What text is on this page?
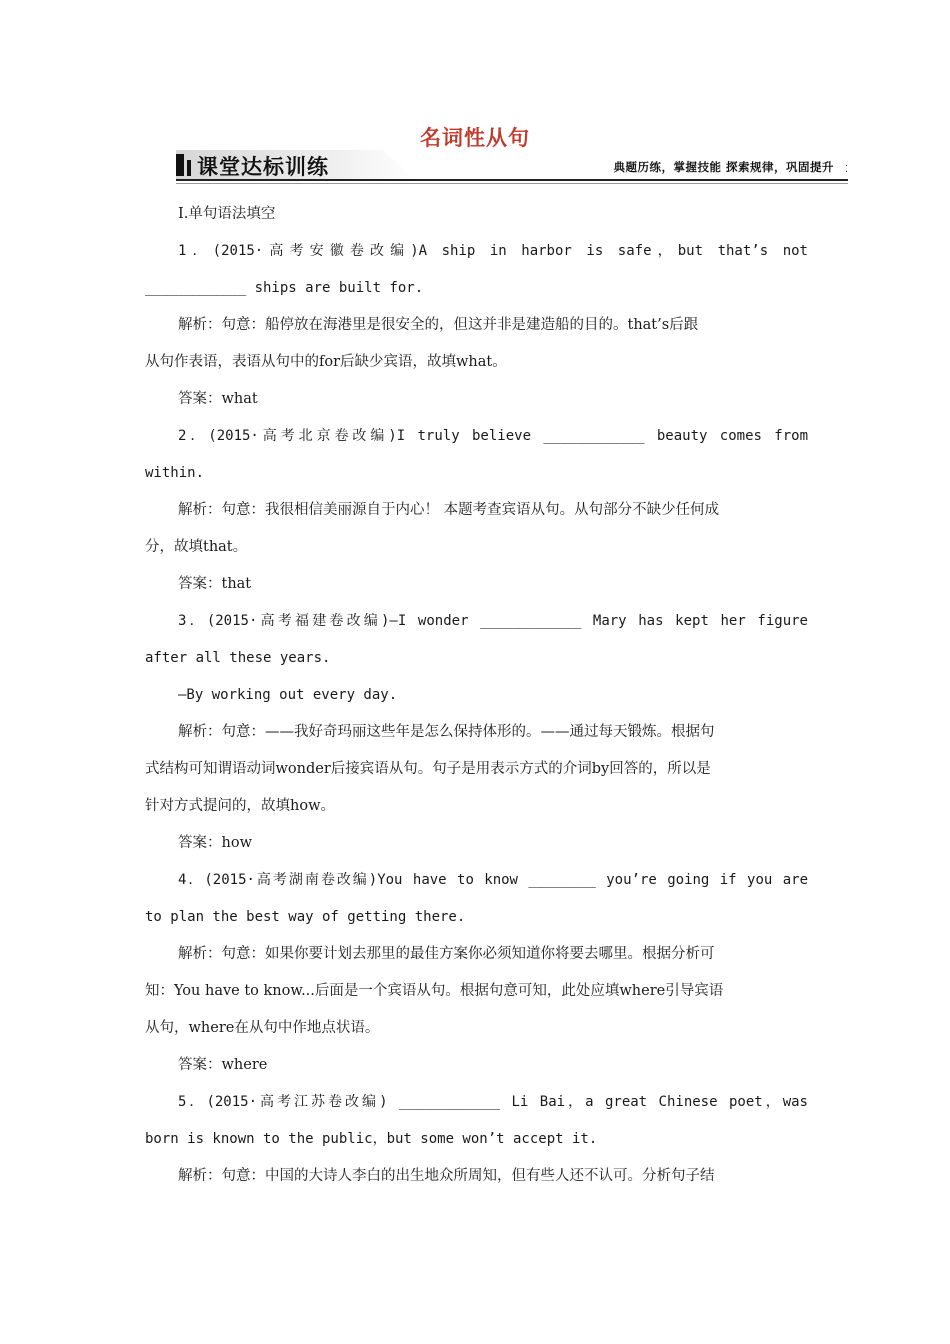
名词性从句
课堂达标训练	典题历练，掌握技能 探索规律，巩固提升 ⁚
Ⅰ.单句语法填空
1．(2015·高考安徽卷改编)A ship in harbor is safe，but that’s not
____________ ships are built for.
解析：句意：船停放在海港里是很安全的，但这并非是建造船的目的。that’s后跟
从句作表语，表语从句中的for后缺少宾语，故填what。
答案：what
2．(2015·高考北京卷改编)I truly believe ____________ beauty comes from
within.
解析：句意：我很相信美丽源自于内心！ 本题考查宾语从句。从句部分不缺少任何成
分，故填that。
答案：that
3．(2015·高考福建卷改编)—I wonder ____________ Mary has kept her figure
after all these years.
—By working out every day.
解析：句意：——我好奇玛丽这些年是怎么保持体形的。——通过每天锻炼。根据句
式结构可知谓语动词wonder后接宾语从句。句子是用表示方式的介词by回答的，所以是
针对方式提问的，故填how。
答案：how
4．(2015·高考湖南卷改编)You have to know ________ you’re going if you are
to plan the best way of getting there.
解析：句意：如果你要计划去那里的最佳方案你必须知道你将要去哪里。根据分析可
知：You have to know...后面是一个宾语从句。根据句意可知，此处应填where引导宾语
从句，where在从句中作地点状语。
答案：where
5．(2015·高考江苏卷改编) ____________ Li Bai，a great Chinese poet，was
born is known to the public，but some won’t accept it.
解析：句意：中国的大诗人李白的出生地众所周知，但有些人还不认可。分析句子结
